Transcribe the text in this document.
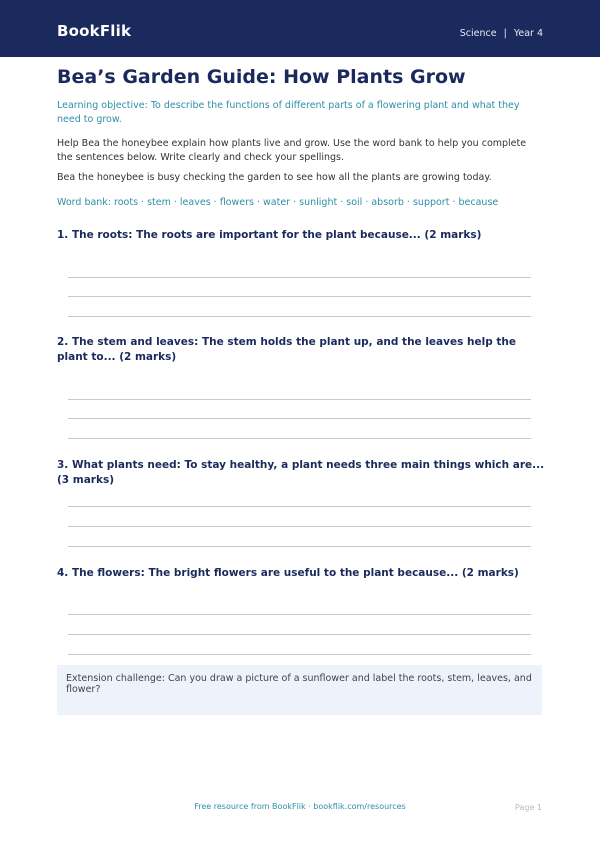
BookFlik	Science | Year 4
Bea’s Garden Guide: How Plants Grow
Learning objective: To describe the functions of different parts of a flowering plant and what they need to grow.
Help Bea the honeybee explain how plants live and grow. Use the word bank to help you complete the sentences below. Write clearly and check your spellings.
Bea the honeybee is busy checking the garden to see how all the plants are growing today.
Word bank: roots · stem · leaves · flowers · water · sunlight · soil · absorb · support · because
1. The roots: The roots are important for the plant because... (2 marks)
2. The stem and leaves: The stem holds the plant up, and the leaves help the plant to... (2 marks)
3. What plants need: To stay healthy, a plant needs three main things which are... (3 marks)
4. The flowers: The bright flowers are useful to the plant because... (2 marks)
Extension challenge: Can you draw a picture of a sunflower and label the roots, stem, leaves, and flower?
Free resource from BookFlik · bookflik.com/resources	Page 1
